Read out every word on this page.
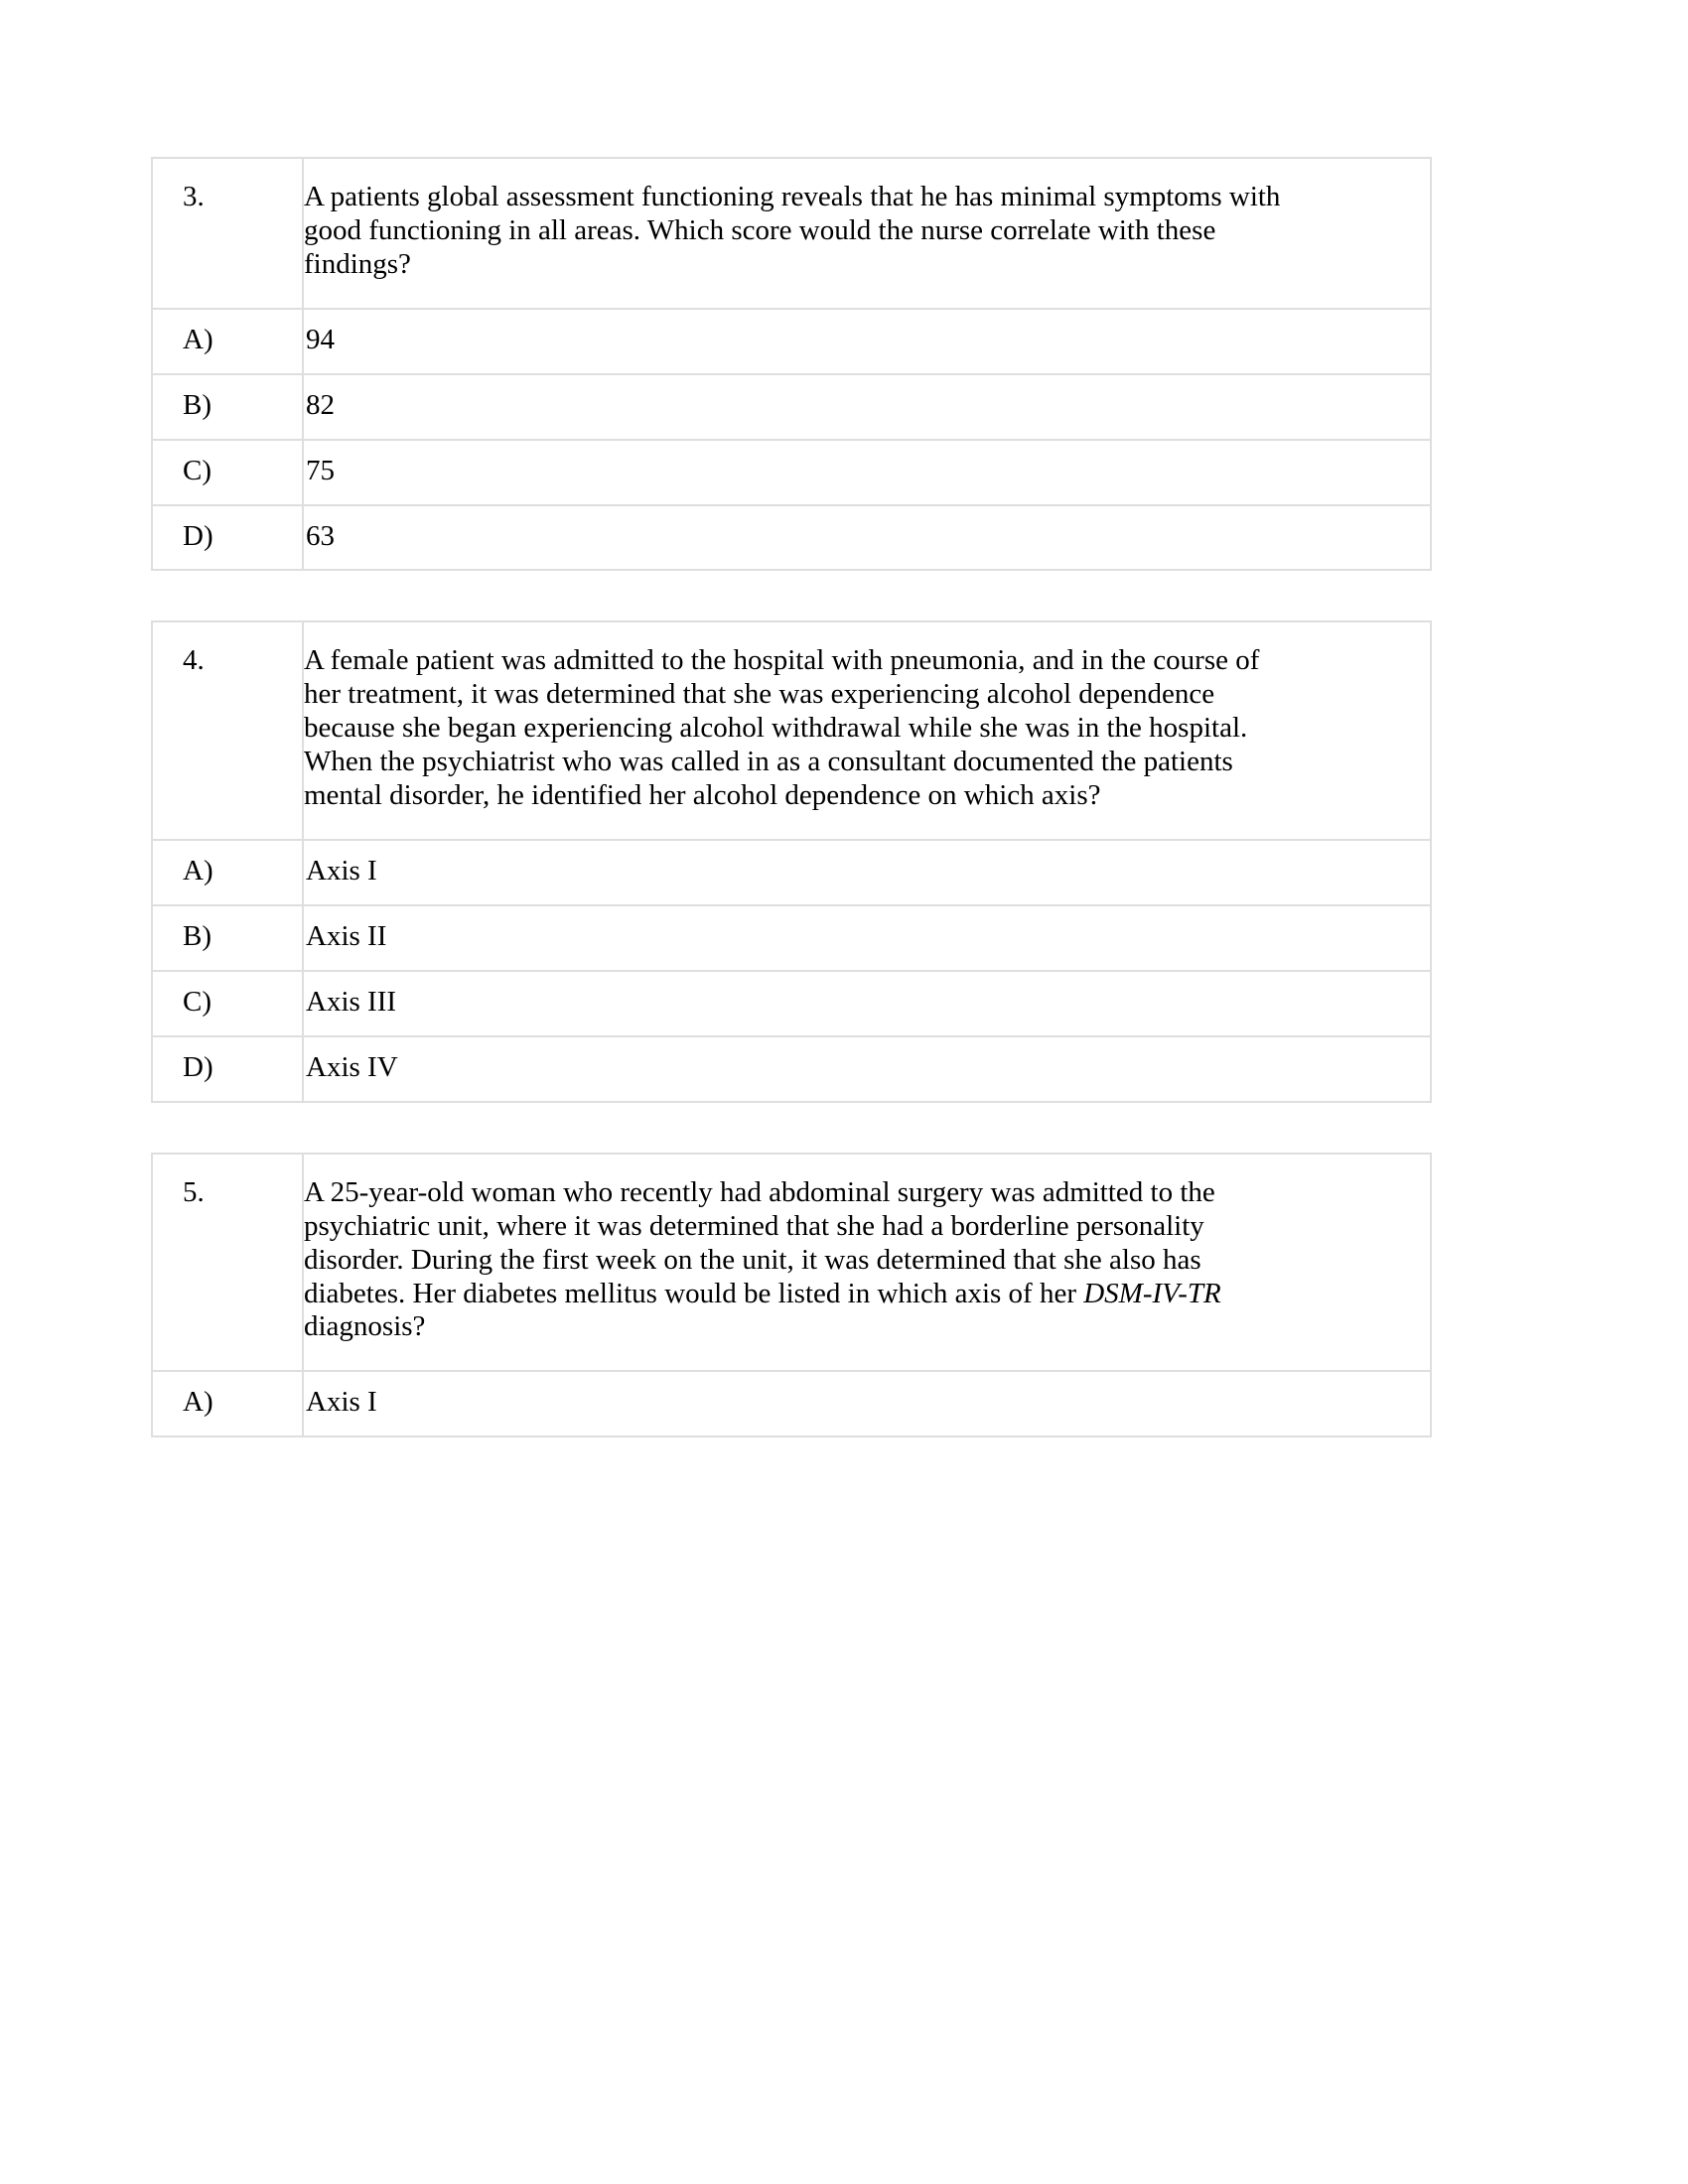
3.	A patients global assessment functioning reveals that he has minimal symptoms with good functioning in all areas. Which score would the nurse correlate with these findings?

A)	94

B)	82

C)	75

D)	63
4.	A female patient was admitted to the hospital with pneumonia, and in the course of her treatment, it was determined that she was experiencing alcohol dependence because she began experiencing alcohol withdrawal while she was in the hospital. When the psychiatrist who was called in as a consultant documented the patients mental disorder, he identified her alcohol dependence on which axis?

A)	Axis I

B)	Axis II

C)	Axis III

D)	Axis IV
5.	A 25-year-old woman who recently had abdominal surgery was admitted to the psychiatric unit, where it was determined that she had a borderline personality disorder. During the first week on the unit, it was determined that she also has diabetes. Her diabetes mellitus would be listed in which axis of her DSM-IV-TR diagnosis?

A)	Axis I
